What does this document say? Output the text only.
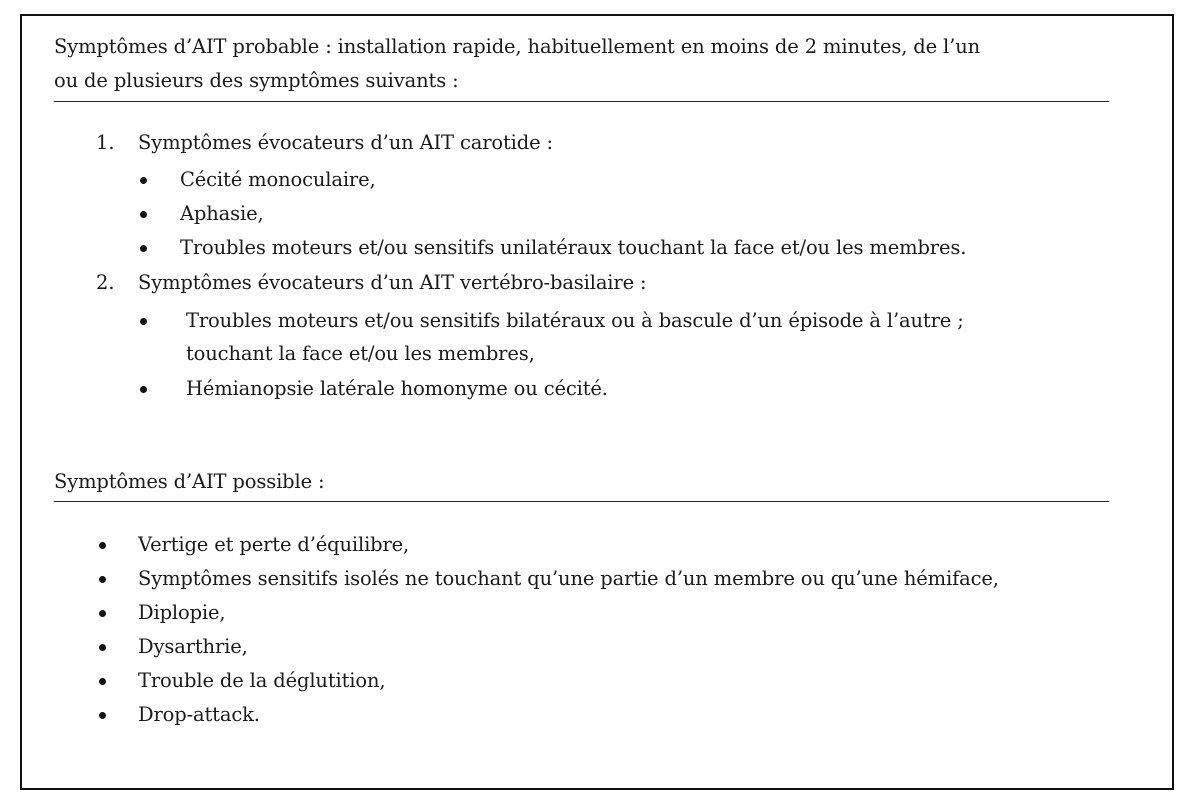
Symptômes d’AIT probable : installation rapide, habituellement en moins de 2 minutes, de l’un
ou de plusieurs des symptômes suivants :
1. Symptômes évocateurs d’un AIT carotide :
Cécité monoculaire,
Aphasie,
Troubles moteurs et/ou sensitifs unilatéraux touchant la face et/ou les membres.
2. Symptômes évocateurs d’un AIT vertébro-basilaire :
Troubles moteurs et/ou sensitifs bilatéraux ou à bascule d’un épisode à l’autre ;
touchant la face et/ou les membres,
Hémianopsie latérale homonyme ou cécité.
Symptômes d’AIT possible :
Vertige et perte d’équilibre,
Symptômes sensitifs isolés ne touchant qu’une partie d’un membre ou qu’une hémiface,
Diplopie,
Dysarthrie,
Trouble de la déglutition,
Drop-attack.
